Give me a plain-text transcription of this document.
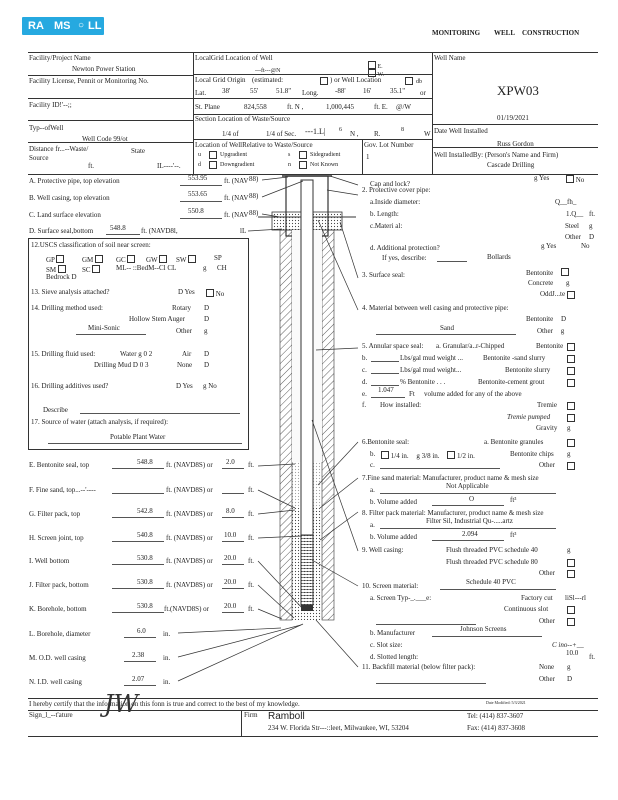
RA MS ○ LL
MONITORING WELL CONSTRUCTION
Facility/Project Name
Newton Power Station
Facility License, Pennit or Monitoring No.
Facility ID!'--;;
Typ--ofWell
Well Code 99/ot
Distance fr...--Waste/
Source
State
ft.	IL----'--.
LocalGrid Location of Well
---ft---@N
E.
W.
Local Grid Origin (estimated:	) or Well Location	db
Lat. 38'	55'	51.8" Long. -88' 16'	35.1" or
St. Plane	824,558	ft. N ,	1,000,445	ft. E. @/W
Section Location of Waste/Source
1/4 of	1/4 of Sec. ---1.L| 6 N , R.	8	W
Location of WellRelative to Waste/Source
u	Upgradient	s	Sidegradient
d	Downgradient	n	Not Known
Gov. Lot Number
1
Well Name
XPW03
Date Well Installed
01/19/2021
Well InstalledBy: (Person's Name and Firm)
Russ Gordon
Cascade Drilling
A. Protective pipe, top elevation	553.95 ft. (NAV 88)
B. Well casing, top elevation	553.65 ft. (NAV 88)
C. Land surface elevation	550.8	ft. (NAV 88)
D. Surface seal,bottom 548.8 ft. (NAVD8l,	lL
12.USCS classification of soil near screen:
GP	GM	GC	GW	SW	SP
SM	SC	ML-- ::BedM--Cl CL	g CH
Bedrock D
13. Sieve analysis attached?	D Yes	No
14. Drilling method used:	Rotary D
Hollow Stem Auger	D
Mini-Sonic	Other g
15. Drilling fluid used:	Water g 0 2	Air D
Drilling Mud D 0 3	None D
16. Drilling additives used?	D Yes g No
Describe
17. Source of water (attach analysis, if required):
Potable Plant Water
E. Bentonite seal, top	548.8 ft. (NAVD8S) or 2.0 ft.
F. Fine sand, top...--'----	ft. (NAVD8S) or	ft.
G. Filter pack, top	542.8 ft. (NAVD8S) or 8.0 ft.
H. Screen joint, top	540.8 ft. (NAVD8S) or 10.0 ft.
I. Well bottom	530.8 ft. (NAVD8S) or 20.0 ft.
J. Filter pack, bottom	530.8 ft. (NAVD8S) or 20.0 ft.
K. Borehole, bottom	530.8 ft.(NAVD8S) or 20.0 ft.
L. Borehole, diameter	6.0 in.
M. O.D. well casing	2.38	in.
N. I.D. well casing	2.07	in.
Cap and lock?
g Yes	No
2. Protective cover pipe:
a.Inside diameter:	Q__fh_
b. Length:	1.Q__ ft.
c.Materi al:	Steel g
Other D
d. Additional protection?	g Yes	No
If yes, describe:	Bollards
3. Surface seal:	Bentonite
Concrete g
OddJ...te
4. Material between well casing and protective pipe:
Bentonite D
Sand	Other g
5. Annular space seal: a. Granular/a..r-Chipped	Bentonite
b.	Lbs/gal mud weight ...	Bentonite -sand slurry
c.	Lbs/gal mud weight...	Bentonite slurry
d.	% Bentonite . . .	Bentonite-cement grout
e. 1.047 Ft volume added for any of the above
f. How installed:	Tremie
Tremie pumped
Gravity g
6.Bentonite seal:	a. Bentonite granules
b.	1/4 in. g 3/8 in.	1/2 in.	Bentonite chips g
c.	Other
7.Fine sand material: Manufacturer, product name & mesh size
a.	Not Applicable
b. Volume added	O	ft³
8. Filter pack material: Manufacturer, product name & mesh size
a.	Filter Sil, Industrial Qu-.....artz
b. Volume added	2.094	ft³
9. Well casing:	Flush threaded PVC schedule 40	g
Flush threaded PVC schedule 80
Other
10. Screen material:	Schedule 40 PVC
a. Screen Typ-_.___e:	Factory cut liSl---rl
Continuous slot
Other
b. Manufacturer	Johnson Screens
c. Slot size:	C ino--+__
d. Slotted length:	10.0 ft.
11. Backfill material (below filter pack):	None g
Other D
I hereby certify that the information on this fonn is true and correct to the best of my knowledge.	Date Modified: 5/3/2021
Sign_l_--t'ature JW	Firm Ramboll
234 W. Florida Str---::leet, Milwaukee, WI, 53204
Tel: (414) 837-3607
Fax: (414) 837-3608
